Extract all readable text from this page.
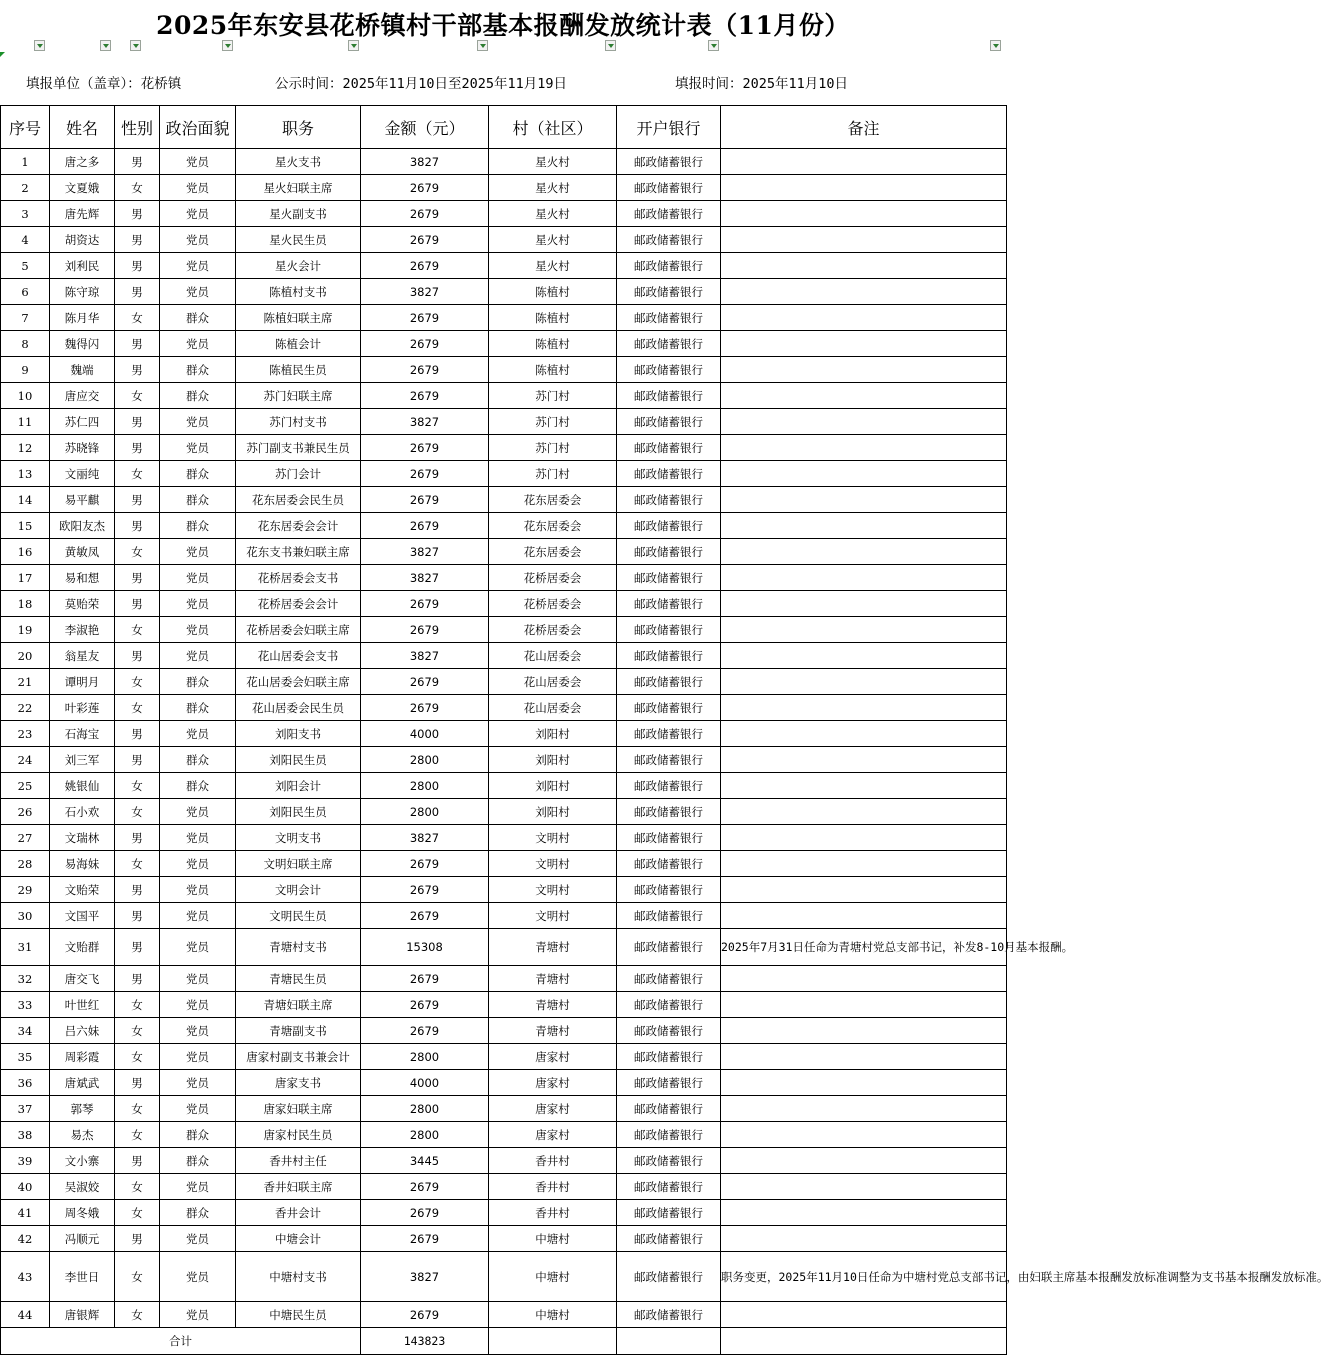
2025年东安县花桥镇村干部基本报酬发放统计表（11月份）
填报单位（盖章）：花桥镇	公示时间：2025年11月10日至2025年11月19日	填报时间：2025年11月10日
序号	姓名	性别	政治面貌	职务	金额（元）	村（社区）	开户银行	备注
1	唐之多	男	党员	星火支书	3827	星火村	邮政储蓄银行	
2	文夏娥	女	党员	星火妇联主席	2679	星火村	邮政储蓄银行	
3	唐先辉	男	党员	星火副支书	2679	星火村	邮政储蓄银行	
4	胡资达	男	党员	星火民生员	2679	星火村	邮政储蓄银行	
5	刘利民	男	党员	星火会计	2679	星火村	邮政储蓄银行	
6	陈守琼	男	党员	陈植村支书	3827	陈植村	邮政储蓄银行	
7	陈月华	女	群众	陈植妇联主席	2679	陈植村	邮政储蓄银行	
8	魏得闪	男	党员	陈植会计	2679	陈植村	邮政储蓄银行	
9	魏端	男	群众	陈植民生员	2679	陈植村	邮政储蓄银行	
10	唐应交	女	群众	苏门妇联主席	2679	苏门村	邮政储蓄银行	
11	苏仁四	男	党员	苏门村支书	3827	苏门村	邮政储蓄银行	
12	苏晓锋	男	党员	苏门副支书兼民生员	2679	苏门村	邮政储蓄银行	
13	文丽纯	女	群众	苏门会计	2679	苏门村	邮政储蓄银行	
14	易平麒	男	群众	花东居委会民生员	2679	花东居委会	邮政储蓄银行	
15	欧阳友杰	男	群众	花东居委会会计	2679	花东居委会	邮政储蓄银行	
16	黄敏凤	女	党员	花东支书兼妇联主席	3827	花东居委会	邮政储蓄银行	
17	易和想	男	党员	花桥居委会支书	3827	花桥居委会	邮政储蓄银行	
18	莫贻荣	男	党员	花桥居委会会计	2679	花桥居委会	邮政储蓄银行	
19	李淑艳	女	党员	花桥居委会妇联主席	2679	花桥居委会	邮政储蓄银行	
20	翁星友	男	党员	花山居委会支书	3827	花山居委会	邮政储蓄银行	
21	谭明月	女	群众	花山居委会妇联主席	2679	花山居委会	邮政储蓄银行	
22	叶彩莲	女	群众	花山居委会民生员	2679	花山居委会	邮政储蓄银行	
23	石海宝	男	党员	刘阳支书	4000	刘阳村	邮政储蓄银行	
24	刘三军	男	群众	刘阳民生员	2800	刘阳村	邮政储蓄银行	
25	姚银仙	女	群众	刘阳会计	2800	刘阳村	邮政储蓄银行	
26	石小欢	女	党员	刘阳民生员	2800	刘阳村	邮政储蓄银行	
27	文瑞林	男	党员	文明支书	3827	文明村	邮政储蓄银行	
28	易海妹	女	党员	文明妇联主席	2679	文明村	邮政储蓄银行	
29	文贻荣	男	党员	文明会计	2679	文明村	邮政储蓄银行	
30	文国平	男	党员	文明民生员	2679	文明村	邮政储蓄银行	
31	文贻群	男	党员	青塘村支书	15308	青塘村	邮政储蓄银行	2025年7月31日任命为青塘村党总支部书记，补发8-10月基本报酬。
32	唐交飞	男	党员	青塘民生员	2679	青塘村	邮政储蓄银行	
33	叶世红	女	党员	青塘妇联主席	2679	青塘村	邮政储蓄银行	
34	吕六妹	女	党员	青塘副支书	2679	青塘村	邮政储蓄银行	
35	周彩霞	女	党员	唐家村副支书兼会计	2800	唐家村	邮政储蓄银行	
36	唐斌武	男	党员	唐家支书	4000	唐家村	邮政储蓄银行	
37	郭琴	女	党员	唐家妇联主席	2800	唐家村	邮政储蓄银行	
38	易杰	女	群众	唐家村民生员	2800	唐家村	邮政储蓄银行	
39	文小寨	男	群众	香井村主任	3445	香井村	邮政储蓄银行	
40	吴淑姣	女	党员	香井妇联主席	2679	香井村	邮政储蓄银行	
41	周冬娥	女	群众	香井会计	2679	香井村	邮政储蓄银行	
42	冯顺元	男	党员	中塘会计	2679	中塘村	邮政储蓄银行	
43	李世日	女	党员	中塘村支书	3827	中塘村	邮政储蓄银行	职务变更，2025年11月10日任命为中塘村党总支部书记，由妇联主席基本报酬发放标准调整为支书基本报酬发放标准。
44	唐银辉	女	党员	中塘民生员	2679	中塘村	邮政储蓄银行	
合计					143823			
